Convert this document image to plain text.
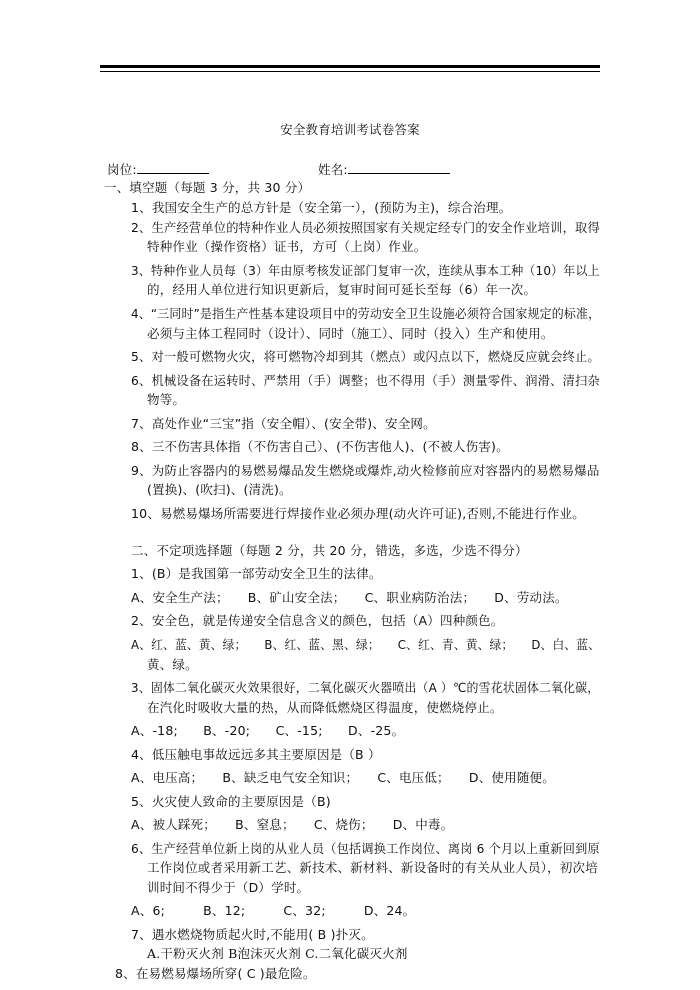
安全教育培训考试卷答案
岗位:	姓名:
一、填空题（每题 3 分，共 30 分）
1、我国安全生产的总方针是（安全第一），(预防为主)，综合治理。
2、生产经营单位的特种作业人员必须按照国家有关规定经专门的安全作业培训，取得
特种作业（操作资格）证书，方可（上岗）作业。
3、特种作业人员每（3）年由原考核发证部门复审一次，连续从事本工种（10）年以上
的，经用人单位进行知识更新后，复审时间可延长至每（6）年一次。
4、“三同时”是指生产性基本建设项目中的劳动安全卫生设施必须符合国家规定的标准，
必须与主体工程同时（设计）、同时（施工）、同时（投入）生产和使用。
5、对一般可燃物火灾，将可燃物冷却到其（燃点）或闪点以下，燃烧反应就会终止。
6、机械设备在运转时、严禁用（手）调整；也不得用（手）测量零件、润滑、清扫杂
物等。
7、高处作业“三宝”指（安全帽）、(安全带)、安全网。
8、三不伤害具体指（不伤害自己）、(不伤害他人)、(不被人伤害)。
9、为防止容器内的易燃易爆品发生燃烧或爆炸,动火检修前应对容器内的易燃易爆品
(置换)、(吹扫)、(清洗)。
10、易燃易爆场所需要进行焊接作业必须办理(动火许可证),否则,不能进行作业。
二、不定项选择题（每题 2 分，共 20 分，错选，多选，少选不得分）
1、(B）是我国第一部劳动安全卫生的法律。
A、安全生产法；　　B、矿山安全法；　　C、职业病防治法；　　D、劳动法。
2、安全色，就是传递安全信息含义的颜色，包括（A）四种颜色。
A、红、蓝、黄、绿；　　B、红、蓝、黑、绿；　　C、红、青、黄、绿；　　D、白、蓝、
黄、绿。
3、固体二氧化碳灭火效果很好，二氧化碳灭火器喷出（A ）℃的雪花状固体二氧化碳，
在汽化时吸收大量的热，从而降低燃烧区得温度，使燃烧停止。
A、-18;　　B、-20;　　C、-15;　　D、-25。
4、低压触电事故远远多其主要原因是（B ）
A、电压高；　　B、缺乏电气安全知识；　　C、电压低；　　D、使用随便。
5、火灾使人致命的主要原因是（B)
A、被人踩死；　　B、窒息；　　C、烧伤；　　D、中毒。
6、生产经营单位新上岗的从业人员（包括调换工作岗位、离岗 6 个月以上重新回到原
工作岗位或者采用新工艺、新技术、新材料、新设备时的有关从业人员），初次培
训时间不得少于（D）学时。
A、6;　　　B、12;　　　C、32;　　　D、24。
7、遇水燃烧物质起火时,不能用( B )扑灭。
A.干粉灭火剂 B泡沫灭火剂 C.二氧化碳灭火剂
8、在易燃易爆场所穿( C )最危险。
